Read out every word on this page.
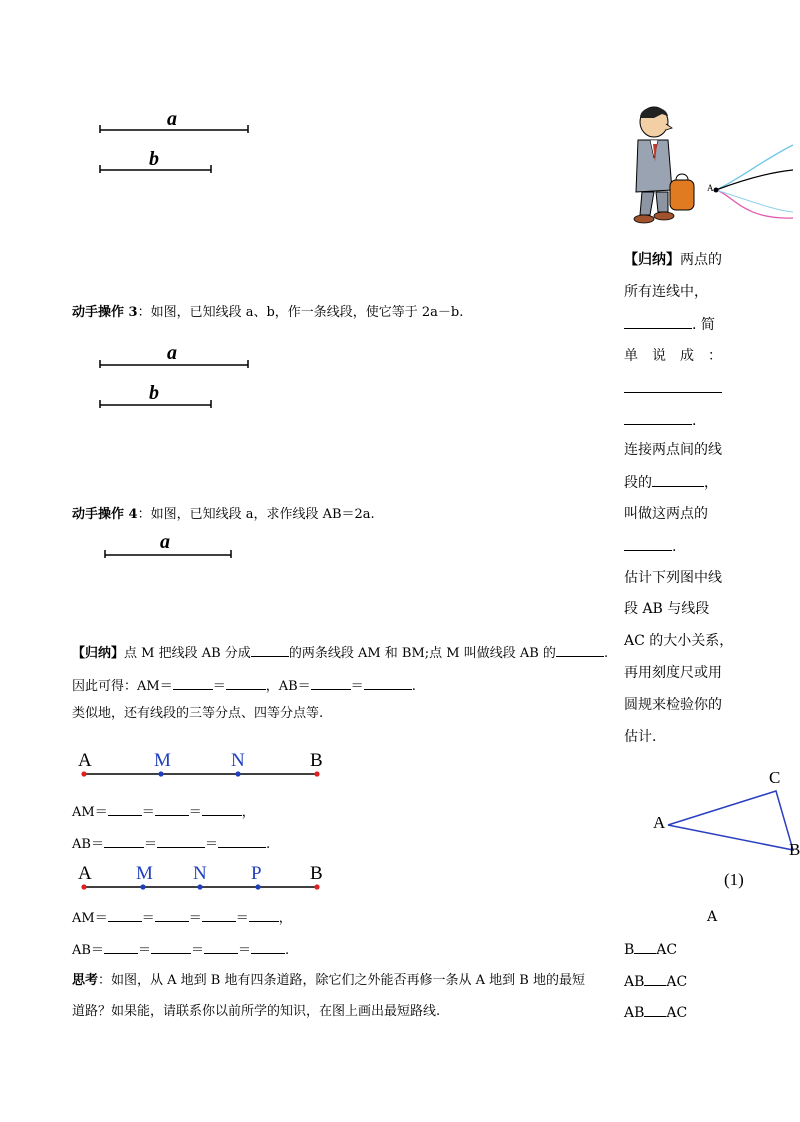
a
b
动手操作 3：如图，已知线段 a、b，作一条线段，使它等于 2a－b.
a
b
动手操作 4：如图，已知线段 a，求作线段 AB＝2a.
a
【归纳】点 M 把线段 AB 分成	的两条线段 AM 和 BM;点 M 叫做线段 AB 的	.
因此可得：AM＝	＝	，AB＝	＝	.
类似地，还有线段的三等分点、四等分点等.
A	M	N	B
AM＝	＝	＝	，
AB＝	＝	＝	.
A M N P	B
AM＝	＝	＝	＝ ，
AB＝	＝	＝	＝	.
思考：如图，从 A 地到 B 地有四条道路，除它们之外能否再修一条从 A 地到 B 地的最短
道路？如果能，请联系你以前所学的知识，在图上画出最短路线.
A
【归纳】两点的
所有连线中，
. 简
单　说　成　：
.
连接两点间的线
段的	，
叫做这两点的
.
估计下列图中线
段 AB 与线段
AC 的大小关系，
再用刻度尺或用
圆规来检验你的
估计.
A
C
B
(1)
A
B AC
AB AC
AB AC
